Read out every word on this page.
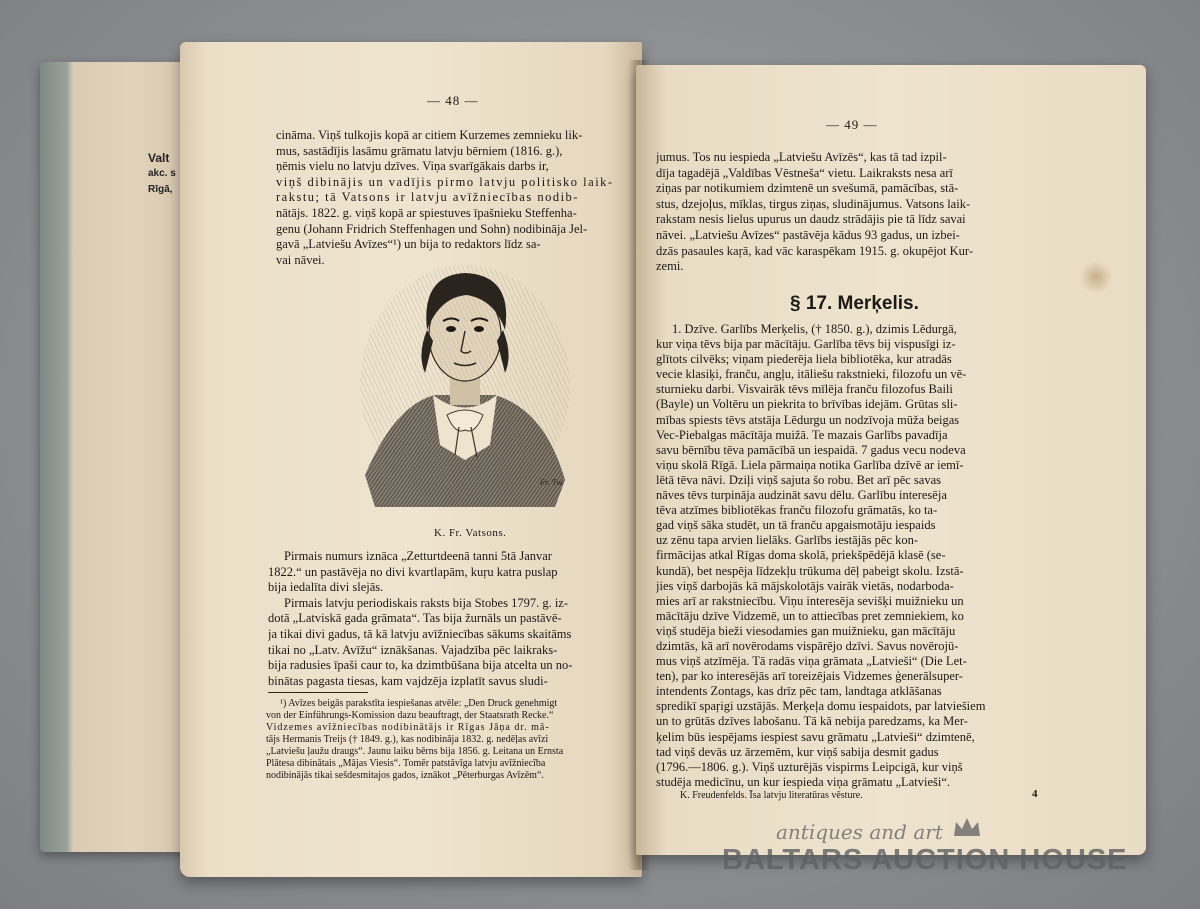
Valt
akc. s
Rīgā,
— 48 —
cināma. Viņš tulkojis kopā ar citiem Kurzemes zemnieku lik-
mus, sastādījis lasāmu grāmatu latvju bērniem (1816. g.),
ņēmis vielu no latvju dzīves. Viņa svarīgākais darbs ir,
viņš dibinājis un vadījis pirmo latvju politisko laik-
rakstu; tā Vatsons ir latvju avīžniecības nodib-
nātājs. 1822. g. viņš kopā ar spiestuves īpašnieku Steffenha-
genu (Johann Fridrich Steffenhagen und Sohn) nodibināja Jel-
gavā „Latviešu Avīzes“¹) un bija to redaktors līdz sa-
vai nāvei.
Fr. Tw.
K. Fr. Vatsons.
Pirmais numurs iznāca „Zetturtdeenā tanni 5tā Janvar
1822.“ un pastāvēja no divi kvartlapām, kuŗu katra puslap
bija iedalīta divi slejās.
Pirmais latvju periodiskais raksts bija Stobes 1797. g. iz-
dotā „Latviskā gada grāmata“. Tas bija žurnāls un pastāvē-
ja tikai divi gadus, tā kā latvju avīžniecības sākums skaitāms
tikai no „Latv. Avīžu“ iznākšanas. Vajadzība pēc laikraks-
bija radusies īpaši caur to, ka dzimtbūšana bija atcelta un no-
binātas pagasta tiesas, kam vajdzēja izplatīt savus sludi-
¹) Avīzes beigās parakstīta iespiešanas atvēle: „Den Druck genehmigt
von der Einführungs-Komission dazu beauftragt, der Staatsrath Recke.“
Vidzemes avīžniecības nodibinātājs ir Rīgas Jāņa dr. mā-
tājs Hermanis Treijs († 1849. g.), kas nodibināja 1832. g. nedēļas avīzi
„Latviešu ļaužu draugs“. Jaunu laiku bērns bija 1856. g. Leitana un Ernsta
Plātesa dibinātais „Mājas Viesis“. Tomēr patstāvīga latvju avīžniecība
nodibinājās tikai sešdesmitajos gados, iznākot „Pēterburgas Avīzēm“.
— 49 —
jumus. Tos nu iespieda „Latviešu Avīzēs“, kas tā tad izpil-
dīja tagadējā „Valdības Vēstneša“ vietu. Laikraksts nesa arī
ziņas par notikumiem dzimtenē un svešumā, pamācības, stā-
stus, dzejoļus, mīklas, tirgus ziņas, sludinājumus. Vatsons laik-
rakstam nesis lielus upurus un daudz strādājis pie tā līdz savai
nāvei. „Latviešu Avīzes“ pastāvēja kādus 93 gadus, un izbei-
dzās pasaules kaŗā, kad vāc karaspēkam 1915. g. okupējot Kur-
zemi.
§ 17. Merķelis.
1. Dzīve. Garlībs Merķelis, († 1850. g.), dzimis Lēdurgā,
kur viņa tēvs bija par mācītāju. Garlība tēvs bij vispusīgi iz-
glītots cilvēks; viņam piederēja liela bibliotēka, kur atradās
vecie klasiķi, franču, angļu, itāliešu rakstnieki, filozofu un vē-
sturnieku darbi. Visvairāk tēvs mīlēja franču filozofus Baili
(Bayle) un Voltēru un piekrita to brīvības idejām. Grūtas sli-
mības spiests tēvs atstāja Lēdurgu un nodzīvoja mūža beigas
Vec-Piebalgas mācītāja muižā. Te mazais Garlībs pavadīja
savu bērnību tēva pamācībā un iespaidā. 7 gadus vecu nodeva
viņu skolā Rīgā. Liela pārmaiņa notika Garlība dzīvē ar iemī-
lētā tēva nāvi. Dziļi viņš sajuta šo robu. Bet arī pēc savas
nāves tēvs turpināja audzināt savu dēlu. Garlību interesēja
tēva atzīmes bibliotēkas franču filozofu grāmatās, ko ta-
gad viņš sāka studēt, un tā franču apgaismotāju iespaids
uz zēnu tapa arvien lielāks. Garlībs iestājās pēc kon-
firmācijas atkal Rīgas doma skolā, priekšpēdējā klasē (se-
kundā), bet nespēja līdzekļu trūkuma dēļ pabeigt skolu. Izstā-
jies viņš darbojās kā mājskolotājs vairāk vietās, nodarboda-
mies arī ar rakstniecību. Viņu interesēja sevišķi muižnieku un
mācītāju dzīve Vidzemē, un to attiecības pret zemniekiem, ko
viņš studēja bieži viesodamies gan muižnieku, gan mācītāju
dzimtās, kā arī novērodams vispārējo dzīvi. Savus novērojū-
mus viņš atzīmēja. Tā radās viņa grāmata „Latvieši“ (Die Let-
ten), par ko interesējās arī toreizējais Vidzemes ģenerālsuper-
intendents Zontags, kas drīz pēc tam, landtaga atklāšanas
spredikī spaŗigi uzstājās. Merķeļa domu iespaidots, par latviešiem
un to grūtās dzīves labošanu. Tā kā nebija paredzams, ka Mer-
ķelim būs iespējams iespiest savu grāmatu „Latvieši“ dzimtenē,
tad viņš devās uz ārzemēm, kur viņš sabija desmit gadus
(1796.—1806. g.). Viņš uzturējās vispirms Leipcigā, kur viņš
studēja medicīnu, un kur iespieda viņa grāmatu „Latvieši“.
K. Freudenfelds. Īsa latvju literatūras vēsture.	4
antiques and art
BALTARS AUCTION HOUSE
